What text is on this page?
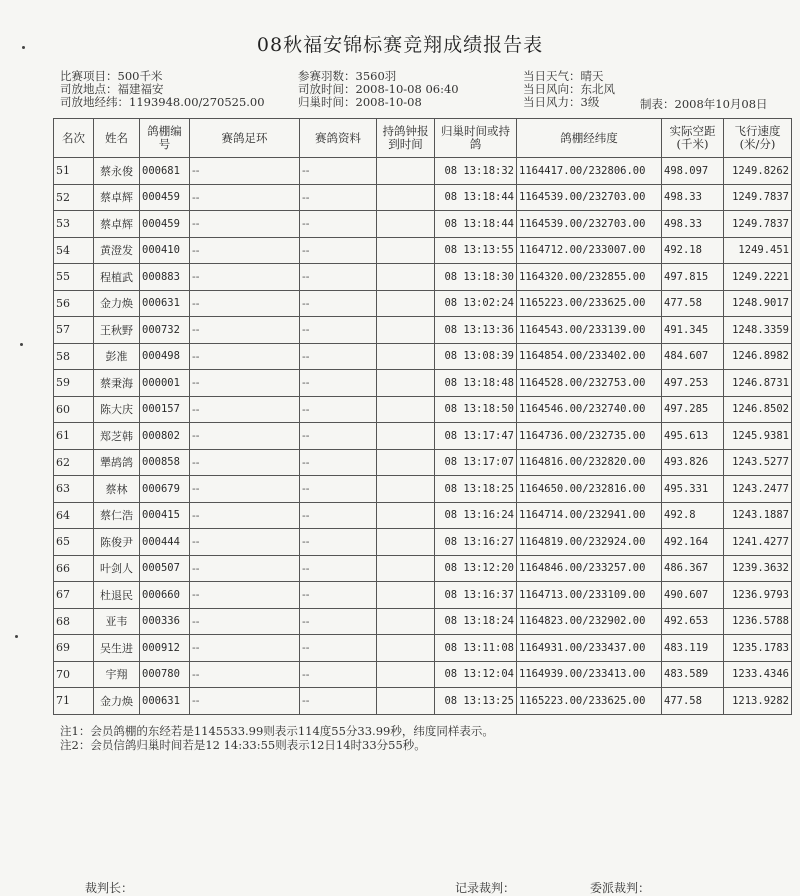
08秋福安锦标赛竞翔成绩报告表
比赛项目：500千米
司放地点：福建福安
司放地经纬：1193948.00/270525.00
参赛羽数：3560羽
司放时间：2008-10-08 06:40
归巢时间：2008-10-08
当日天气：晴天
当日风向：东北风
当日风力：3级	制表：2008年10月08日
名次	姓名	鸽棚编号	赛鸽足环	赛鸽资料	持鸽钟报到时间	归巢时间或持鸽	鸽棚经纬度	实际空距(千米)	飞行速度(米/分)
51	蔡永俊	000681	--	--		08 13:18:32	1164417.00/232806.00	498.097	1249.8262
52	蔡卓辉	000459	--	--		08 13:18:44	1164539.00/232703.00	498.33	1249.7837
53	蔡卓辉	000459	--	--		08 13:18:44	1164539.00/232703.00	498.33	1249.7837
54	黄澄发	000410	--	--		08 13:13:55	1164712.00/233007.00	492.18	1249.451
55	程植武	000883	--	--		08 13:18:30	1164320.00/232855.00	497.815	1249.2221
56	金力焕	000631	--	--		08 13:02:24	1165223.00/233625.00	477.58	1248.9017
57	王秋野	000732	--	--		08 13:13:36	1164543.00/233139.00	491.345	1248.3359
58	彭准	000498	--	--		08 13:08:39	1164854.00/233402.00	484.607	1246.8982
59	蔡秉海	000001	--	--		08 13:18:48	1164528.00/232753.00	497.253	1246.8731
60	陈大庆	000157	--	--		08 13:18:50	1164546.00/232740.00	497.285	1246.8502
61	郑芝韩	000802	--	--		08 13:17:47	1164736.00/232735.00	495.613	1245.9381
62	犟鸪鸽	000858	--	--		08 13:17:07	1164816.00/232820.00	493.826	1243.5277
63	蔡林	000679	--	--		08 13:18:25	1164650.00/232816.00	495.331	1243.2477
64	蔡仁浩	000415	--	--		08 13:16:24	1164714.00/232941.00	492.8	1243.1887
65	陈俊尹	000444	--	--		08 13:16:27	1164819.00/232924.00	492.164	1241.4277
66	叶剑人	000507	--	--		08 13:12:20	1164846.00/233257.00	486.367	1239.3632
67	杜退民	000660	--	--		08 13:16:37	1164713.00/233109.00	490.607	1236.9793
68	亚韦	000336	--	--		08 13:18:24	1164823.00/232902.00	492.653	1236.5788
69	吴生进	000912	--	--		08 13:11:08	1164931.00/233437.00	483.119	1235.1783
70	宇翔	000780	--	--		08 13:12:04	1164939.00/233413.00	483.589	1233.4346
71	金力焕	000631	--	--		08 13:13:25	1165223.00/233625.00	477.58	1213.9282
注1：会员鸽棚的东经若是1145533.99则表示114度55分33.99秒，纬度同样表示。
注2：会员信鸽归巢时间若是12 14:33:55则表示12日14时33分55秒。
裁判长：	记录裁判：	委派裁判：
